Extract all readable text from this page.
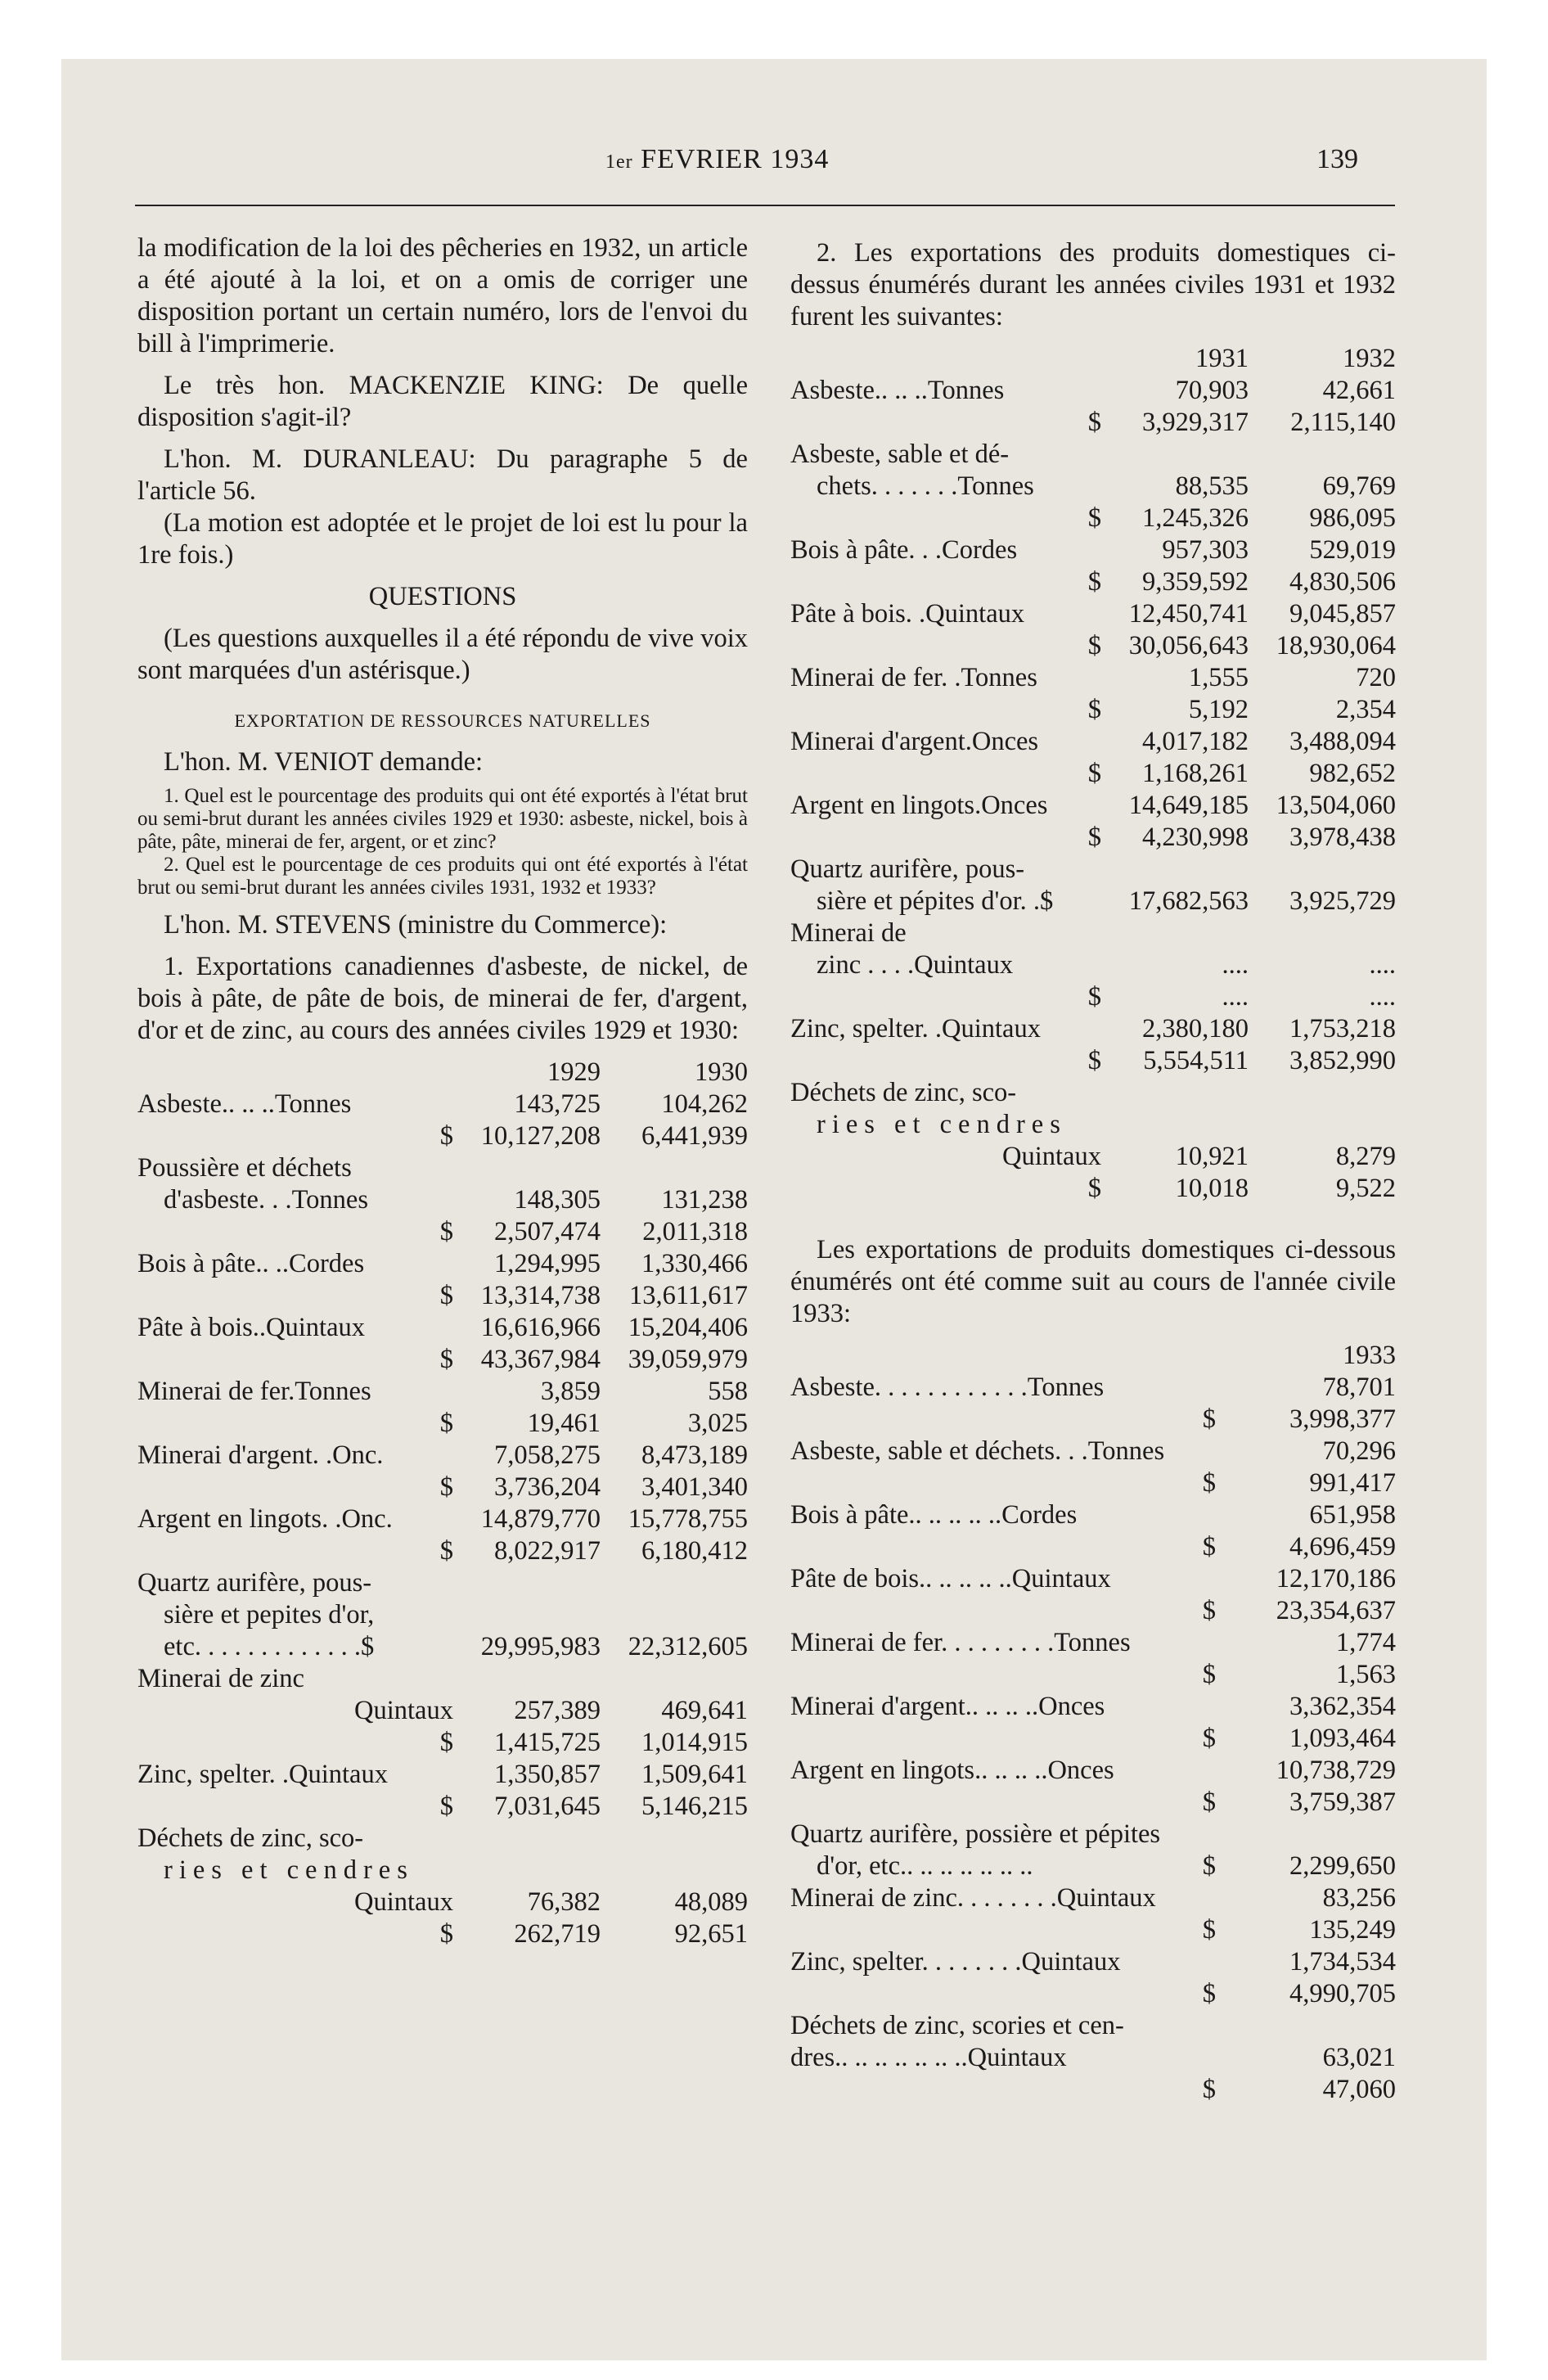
1er FEVRIER 1934	139
la modification de la loi des pêcheries en 1932, un article a été ajouté à la loi, et on a omis de corriger une disposition portant un certain numéro, lors de l'envoi du bill à l'imprimerie.
Le très hon. MACKENZIE KING: De quelle disposition s'agit-il?
L'hon. M. DURANLEAU: Du paragraphe 5 de l'article 56.
(La motion est adoptée et le projet de loi est lu pour la 1re fois.)
QUESTIONS
(Les questions auxquelles il a été répondu de vive voix sont marquées d'un astérisque.)
EXPORTATION DE RESSOURCES NATURELLES
L'hon. M. VENIOT demande:
1. Quel est le pourcentage des produits qui ont été exportés à l'état brut ou semi-brut durant les années civiles 1929 et 1930: asbeste, nickel, bois à pâte, pâte, minerai de fer, argent, or et zinc?
2. Quel est le pourcentage de ces produits qui ont été exportés à l'état brut ou semi-brut durant les années civiles 1931, 1932 et 1933?
L'hon. M. STEVENS (ministre du Commerce):
1. Exportations canadiennes d'asbeste, de nickel, de bois à pâte, de pâte de bois, de minerai de fer, d'argent, d'or et de zinc, au cours des années civiles 1929 et 1930:
1929	1930
Asbeste.. .. ..Tonnes	143,725	104,262
$	10,127,208	6,441,939
Poussière et déchets
d'asbeste. . .Tonnes	148,305	131,238
$	2,507,474	2,011,318
Bois à pâte.. ..Cordes	1,294,995	1,330,466
$	13,314,738	13,611,617
Pâte à bois..Quintaux	16,616,966	15,204,406
$	43,367,984	39,059,979
Minerai de fer.Tonnes	3,859	558
$	19,461	3,025
Minerai d'argent. .Onc.	7,058,275	8,473,189
$	3,736,204	3,401,340
Argent en lingots. .Onc.	14,879,770	15,778,755
$	8,022,917	6,180,412
Quartz aurifère, pous-
sière et pepites d'or,
etc. . . . . . . . . . . . .$	29,995,983	22,312,605
Minerai de zinc
Quintaux	257,389	469,641
$	1,415,725	1,014,915
Zinc, spelter. .Quintaux	1,350,857	1,509,641
$	7,031,645	5,146,215
Déchets de zinc, sco-
ries et cendres
Quintaux	76,382	48,089
$	262,719	92,651
2. Les exportations des produits domestiques ci-dessus énumérés durant les années civiles 1931 et 1932 furent les suivantes:
1931	1932
Asbeste.. .. ..Tonnes	70,903	42,661
$	3,929,317	2,115,140
Asbeste, sable et dé-
chets. . . . . . .Tonnes	88,535	69,769
$	1,245,326	986,095
Bois à pâte. . .Cordes	957,303	529,019
$	9,359,592	4,830,506
Pâte à bois. .Quintaux	12,450,741	9,045,857
$	30,056,643	18,930,064
Minerai de fer. .Tonnes	1,555	720
$	5,192	2,354
Minerai d'argent.Onces	4,017,182	3,488,094
$	1,168,261	982,652
Argent en lingots.Onces	14,649,185	13,504,060
$	4,230,998	3,978,438
Quartz aurifère, pous-
sière et pépites d'or. .$	17,682,563	3,925,729
Minerai de
zinc . . . .Quintaux	....	....
$	....	....
Zinc, spelter. .Quintaux	2,380,180	1,753,218
$	5,554,511	3,852,990
Déchets de zinc, sco-
ries et cendres
Quintaux	10,921	8,279
$	10,018	9,522
Les exportations de produits domestiques ci-dessous énumérés ont été comme suit au cours de l'année civile 1933:
1933
Asbeste. . . . . . . . . . . .Tonnes	78,701
$	3,998,377
Asbeste, sable et déchets. . .Tonnes	70,296
$	991,417
Bois à pâte.. .. .. .. ..Cordes	651,958
$	4,696,459
Pâte de bois.. .. .. .. ..Quintaux	12,170,186
$	23,354,637
Minerai de fer. . . . . . . . .Tonnes	1,774
$	1,563
Minerai d'argent.. .. .. ..Onces	3,362,354
$	1,093,464
Argent en lingots.. .. .. ..Onces	10,738,729
$	3,759,387
Quartz aurifère, possière et pépites
d'or, etc.. .. .. .. .. .. ..	$	2,299,650
Minerai de zinc. . . . . . . .Quintaux	83,256
$	135,249
Zinc, spelter. . . . . . . .Quintaux	1,734,534
$	4,990,705
Déchets de zinc, scories et cen-
dres.. .. .. .. .. .. ..Quintaux	63,021
$	47,060
